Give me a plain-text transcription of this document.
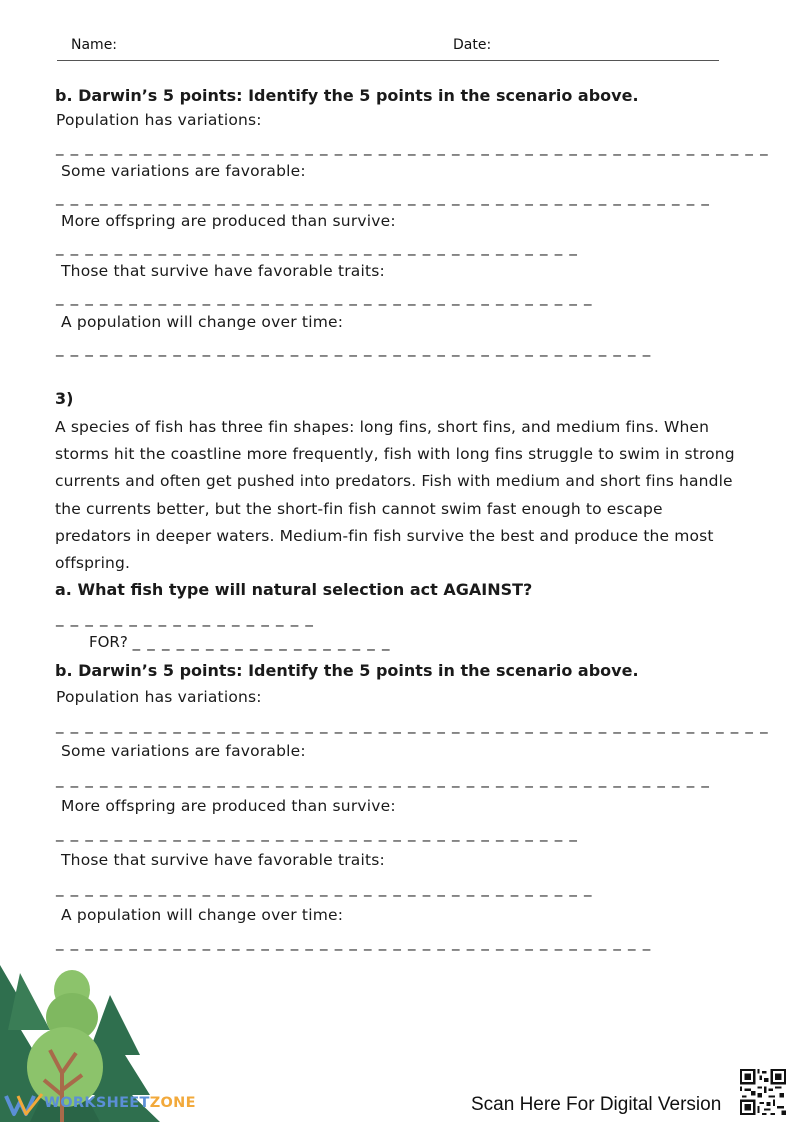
Name:	Date:
b. Darwin’s 5 points: Identify the 5 points in the scenario above.
Population has variations:
_ _ _ _ _ _ _ _ _ _ _ _ _ _ _ _ _ _ _ _ _ _ _ _ _ _ _ _ _ _ _ _ _ _ _ _ _ _ _ _ _ _ _ _ _ _ _ _ _
Some variations are favorable:
_ _ _ _ _ _ _ _ _ _ _ _ _ _ _ _ _ _ _ _ _ _ _ _ _ _ _ _ _ _ _ _ _ _ _ _ _ _ _ _ _ _ _ _ _
More offspring are produced than survive:
_ _ _ _ _ _ _ _ _ _ _ _ _ _ _ _ _ _ _ _ _ _ _ _ _ _ _ _ _ _ _ _ _ _ _ _
Those that survive have favorable traits:
_ _ _ _ _ _ _ _ _ _ _ _ _ _ _ _ _ _ _ _ _ _ _ _ _ _ _ _ _ _ _ _ _ _ _ _ _
A population will change over time:
_ _ _ _ _ _ _ _ _ _ _ _ _ _ _ _ _ _ _ _ _ _ _ _ _ _ _ _ _ _ _ _ _ _ _ _ _ _ _ _ _
3)
A species of fish has three fin shapes: long fins, short fins, and medium fins. When storms hit the coastline more frequently, fish with long fins struggle to swim in strong currents and often get pushed into predators. Fish with medium and short fins handle the currents better, but the short-fin fish cannot swim fast enough to escape predators in deeper waters. Medium-fin fish survive the best and produce the most offspring.
a. What fish type will natural selection act AGAINST?
_ _ _ _ _ _ _ _ _ _ _ _ _ _ _ _ _ _
FOR? _ _ _ _ _ _ _ _ _ _ _ _ _ _ _ _ _ _
b. Darwin’s 5 points: Identify the 5 points in the scenario above.
Population has variations:
_ _ _ _ _ _ _ _ _ _ _ _ _ _ _ _ _ _ _ _ _ _ _ _ _ _ _ _ _ _ _ _ _ _ _ _ _ _ _ _ _ _ _ _ _ _ _ _ _
Some variations are favorable:
_ _ _ _ _ _ _ _ _ _ _ _ _ _ _ _ _ _ _ _ _ _ _ _ _ _ _ _ _ _ _ _ _ _ _ _ _ _ _ _ _ _ _ _ _
More offspring are produced than survive:
_ _ _ _ _ _ _ _ _ _ _ _ _ _ _ _ _ _ _ _ _ _ _ _ _ _ _ _ _ _ _ _ _ _ _ _
Those that survive have favorable traits:
_ _ _ _ _ _ _ _ _ _ _ _ _ _ _ _ _ _ _ _ _ _ _ _ _ _ _ _ _ _ _ _ _ _ _ _ _
A population will change over time:
_ _ _ _ _ _ _ _ _ _ _ _ _ _ _ _ _ _ _ _ _ _ _ _ _ _ _ _ _ _ _ _ _ _ _ _ _ _ _ _ _
WORKSHEETZONE	Scan Here For Digital Version
